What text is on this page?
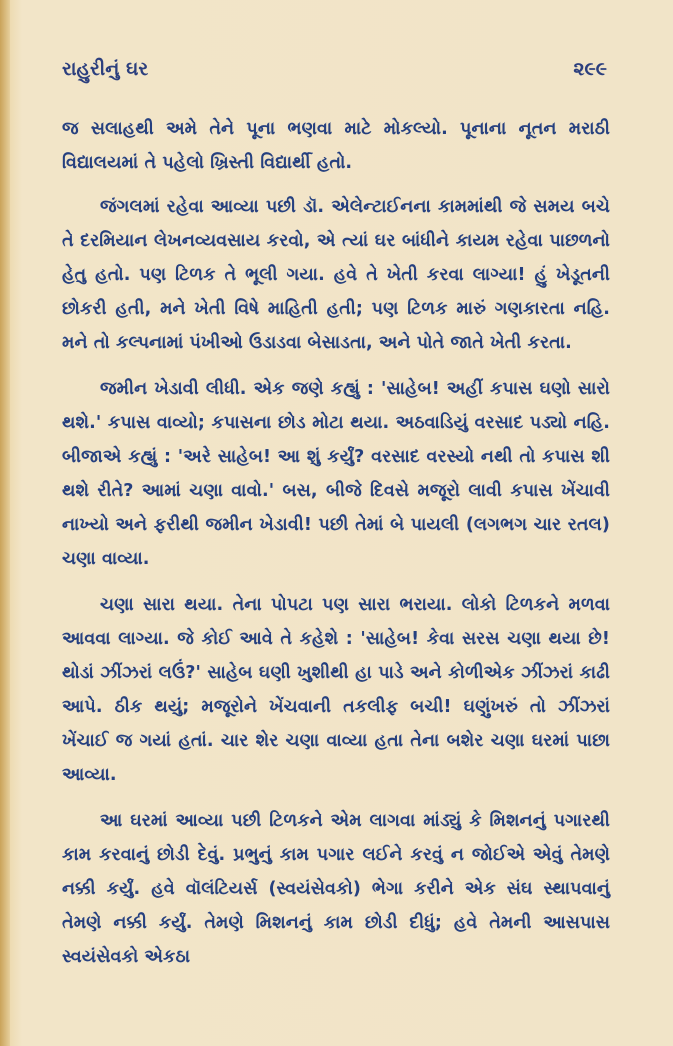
રાહુરીનું ઘર	૨૯૯

જ સલાહથી અમે તેને પૂના ભણવા માટે મોકલ્યો. પૂનાના નૂતન મરાઠી વિદ્યાલયમાં તે પહેલો ખ્રિસ્તી વિદ્યાર્થી હતો.

જંગલમાં રહેવા આવ્યા પછી ડૉ. એલેન્ટાઈનના કામમાંથી જે સમય બચે તે દરમિયાન લેખનવ્યવસાય કરવો, એ ત્યાં ઘર બાંધીને કાયમ રહેવા પાછળનો હેતુ હતો. પણ ટિળક તે ભૂલી ગયા. હવે તે ખેતી કરવા લાગ્યા! હું ખેડૂતની છોકરી હતી, મને ખેતી વિષે માહિતી હતી; પણ ટિળક મારું ગણકારતા નહિ. મને તો કલ્પનામાં પંખીઓ ઉડાડવા બેસાડતા, અને પોતે જાતે ખેતી કરતા.

જમીન ખેડાવી લીધી. એક જણે કહ્યું : 'સાહેબ! અહીં કપાસ ઘણો સારો થશે.' કપાસ વાવ્યો; કપાસના છોડ મોટા થયા. અઠવાડિયું વરસાદ પડ્યો નહિ. બીજાએ કહ્યું : 'અરે સાહેબ! આ શું કર્યું? વરસાદ વરસ્યો નથી તો કપાસ શી થશે રીતે? આમાં ચણા વાવો.' બસ, બીજે દિવસે મજૂરો લાવી કપાસ ખેંચાવી નાખ્યો અને ફરીથી જમીન ખેડાવી! પછી તેમાં બે પાયલી (લગભગ ચાર રતલ) ચણા વાવ્યા.

ચણા સારા થયા. તેના પોપટા પણ સારા ભરાયા. લોકો ટિળકને મળવા આવવા લાગ્યા. જે કોઈ આવે તે કહેશે : 'સાહેબ! કેવા સરસ ચણા થયા છે! થોડાં ઝીંઝરાં લઉં?' સાહેબ ઘણી ખુશીથી હા પાડે અને કોળીએક ઝીંઝરાં કાઢી આપે. ઠીક થયું; મજૂરોને ખેંચવાની તકલીફ બચી! ઘણુંખરું તો ઝીંઝરાં ખેંચાઈ જ ગયાં હતાં. ચાર શેર ચણા વાવ્યા હતા તેના બશેર ચણા ઘરમાં પાછા આવ્યા.

આ ઘરમાં આવ્યા પછી ટિળકને એમ લાગવા માંડ્યું કે મિશનનું પગારથી કામ કરવાનું છોડી દેવું. પ્રભુનું કામ પગાર લઈને કરવું ન જોઈએ એવું તેમણે નક્કી કર્યું. હવે વૉલંટિયર્સ (સ્વયંસેવકો) ભેગા કરીને એક સંઘ સ્થાપવાનું તેમણે નક્કી કર્યું. તેમણે મિશનનું કામ છોડી દીધું; હવે તેમની આસપાસ સ્વયંસેવકો એકઠા
